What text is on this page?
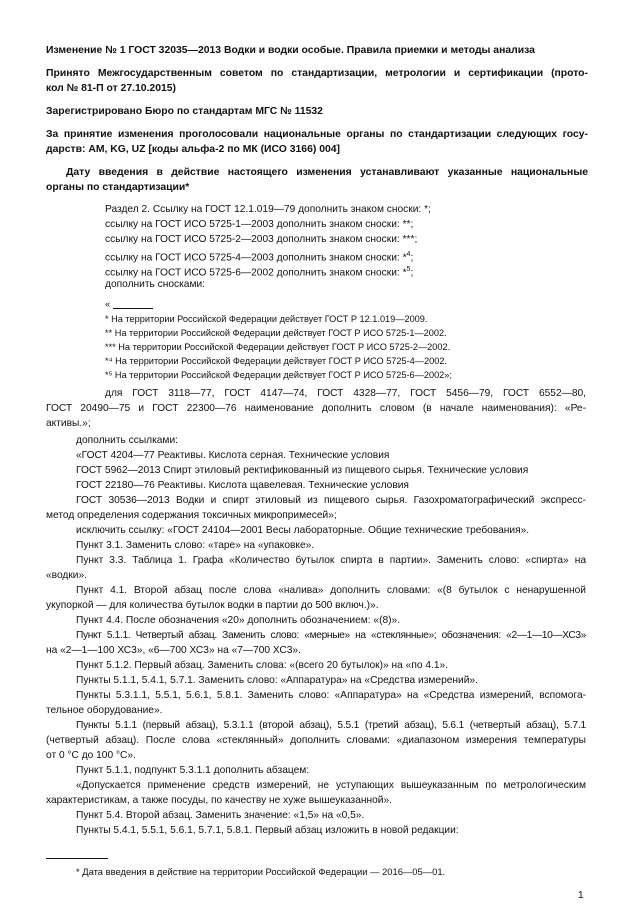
Изменение № 1 ГОСТ 32035—2013 Водки и водки особые. Правила приемки и методы анализа
Принято Межгосударственным советом по стандартизации, метрологии и сертификации (прото-
кол № 81-П от 27.10.2015)
Зарегистрировано Бюро по стандартам МГС № 11532
За принятие изменения проголосовали национальные органы по стандартизации следующих госу-
дарств: AM, KG, UZ [коды альфа-2 по МК (ИСО 3166) 004]
Дату введения в действие настоящего изменения устанавливают указанные национальные
органы по стандартизации*
Раздел 2. Ссылку на ГОСТ 12.1.019—79 дополнить знаком сноски: *;
ссылку на ГОСТ ИСО 5725-1—2003 дополнить знаком сноски: **;
ссылку на ГОСТ ИСО 5725-2—2003 дополнить знаком сноски: ***;
ссылку на ГОСТ ИСО 5725-4—2003 дополнить знаком сноски: *$^4$;
ссылку на ГОСТ ИСО 5725-6—2002 дополнить знаком сноски: *$^5$;
дополнить сносками:
«
* На территории Российской Федерации действует ГОСТ Р 12.1.019—2009.
** На территории Российской Федерации действует ГОСТ Р ИСО 5725-1—2002.
*** На территории Российской Федерации действует ГОСТ Р ИСО 5725-2—2002.
*⁴ На территории Российской Федерации действует ГОСТ Р ИСО 5725-4—2002.
*⁵ На территории Российской Федерации действует ГОСТ Р ИСО 5725-6—2002»;
для ГОСТ 3118—77, ГОСТ 4147—74, ГОСТ 4328—77, ГОСТ 5456—79, ГОСТ 6552—80,
ГОСТ 20490—75 и ГОСТ 22300—76 наименование дополнить словом (в начале наименования): «Ре-
активы.»;
дополнить ссылками:
«ГОСТ 4204—77 Реактивы. Кислота серная. Технические условия
ГОСТ 5962—2013 Спирт этиловый ректификованный из пищевого сырья. Технические условия
ГОСТ 22180—76 Реактивы. Кислота щавелевая. Технические условия
ГОСТ 30536—2013 Водки и спирт этиловый из пищевого сырья. Газохроматографический экспресс-
метод определения содержания токсичных микропримесей»;
исключить ссылку: «ГОСТ 24104—2001 Весы лабораторные. Общие технические требования».
Пункт 3.1. Заменить слово: «таре» на «упаковке».
Пункт 3.3. Таблица 1. Графа «Количество бутылок спирта в партии». Заменить слово: «спирта» на
«водки».
Пункт 4.1. Второй абзац после слова «налива» дополнить словами: «(8 бутылок с ненарушенной
укупоркой — для количества бутылок водки в партии до 500 включ.)».
Пункт 4.4. После обозначения «20» дополнить обозначением: «(8)».
Пункт 5.1.1. Четвертый абзац. Заменить слово: «мерные» на «стеклянные»; обозначения: «2—1—10—ХС3»
на «2—1—100 ХС3», «6—700 ХС3» на «7—700 ХС3».
Пункт 5.1.2. Первый абзац. Заменить слова: «(всего 20 бутылок)» на «по 4.1».
Пункты 5.1.1, 5.4.1, 5.7.1. Заменить слово: «Аппаратура» на «Средства измерений».
Пункты 5.3.1.1, 5.5.1, 5.6.1, 5.8.1. Заменить слово: «Аппаратура» на «Средства измерений, вспомога-
тельное оборудование».
Пункты 5.1.1 (первый абзац), 5.3.1.1 (второй абзац), 5.5.1 (третий абзац), 5.6.1 (четвертый абзац), 5.7.1
(четвертый абзац). После слова «стеклянный» дополнить словами: «диапазоном измерения температуры
от 0 °С до 100 °С».
Пункт 5.1.1, подпункт 5.3.1.1 дополнить абзацем:
«Допускается применение средств измерений, не уступающих вышеуказанным по метрологическим
характеристикам, а также посуды, по качеству не хуже вышеуказанной».
Пункт 5.4. Второй абзац. Заменить значение: «1,5» на «0,5».
Пункты 5.4.1, 5.5.1, 5.6.1, 5.7.1, 5.8.1. Первый абзац изложить в новой редакции:
* Дата введения в действие на территории Российской Федерации — 2016—05—01.
1
